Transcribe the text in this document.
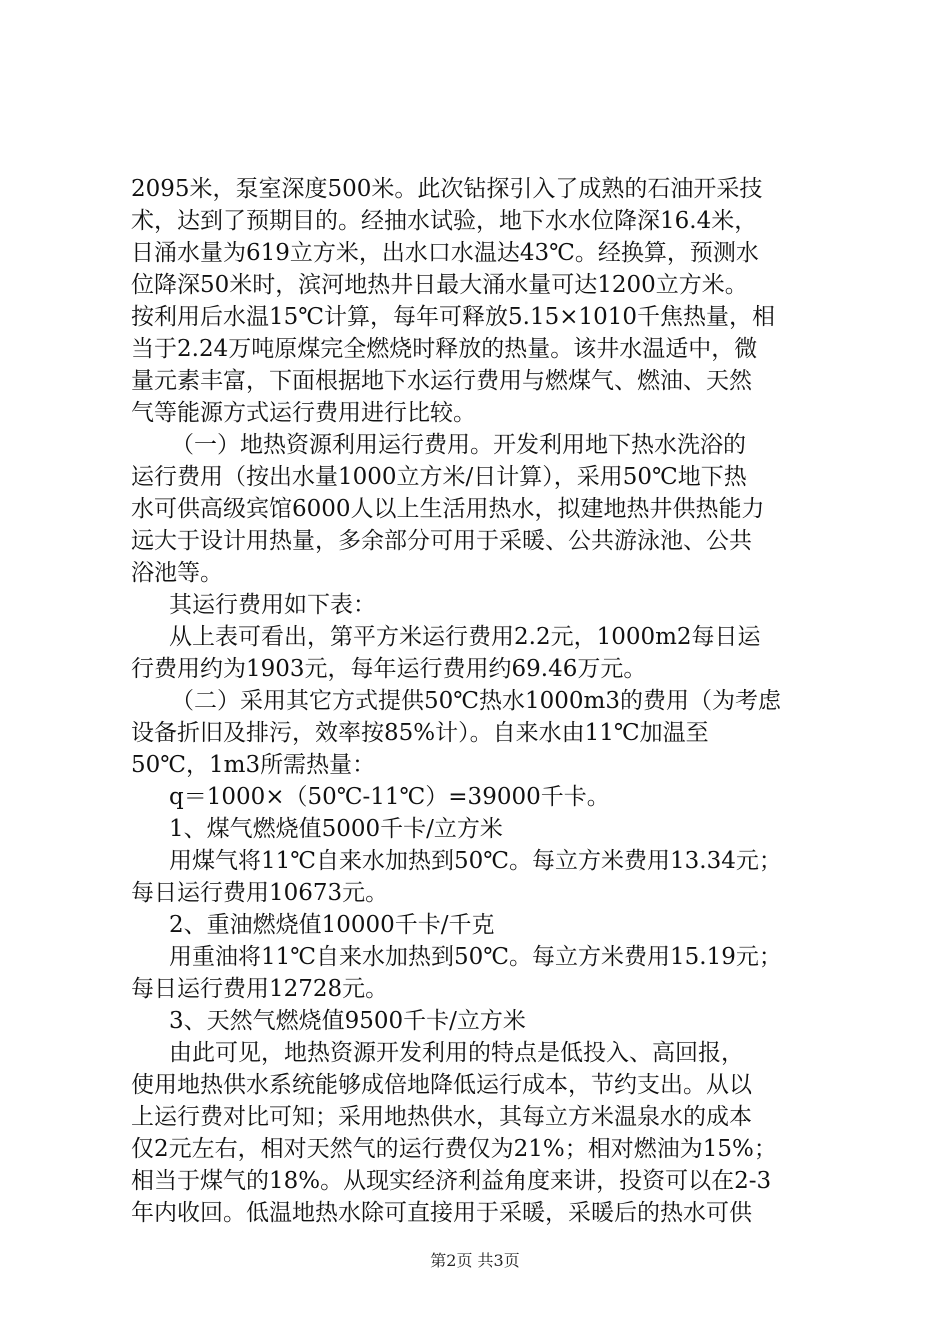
2095米，泵室深度500米。此次钻探引入了成熟的石油开采技
术，达到了预期目的。经抽水试验，地下水水位降深16.4米，
日涌水量为619立方米，出水口水温达43℃。经换算，预测水
位降深50米时，滨河地热井日最大涌水量可达1200立方米。
按利用后水温15℃计算，每年可释放5.15×1010千焦热量，相
当于2.24万吨原煤完全燃烧时释放的热量。该井水温适中，微
量元素丰富，下面根据地下水运行费用与燃煤气、燃油、天然
气等能源方式运行费用进行比较。
（一）地热资源利用运行费用。开发利用地下热水洗浴的
运行费用（按出水量1000立方米/日计算），采用50℃地下热
水可供高级宾馆6000人以上生活用热水，拟建地热井供热能力
远大于设计用热量，多余部分可用于采暖、公共游泳池、公共
浴池等。
其运行费用如下表：
从上表可看出，第平方米运行费用2.2元，1000m2每日运
行费用约为1903元，每年运行费用约69.46万元。
（二）采用其它方式提供50℃热水1000m3的费用（为考虑
设备折旧及排污，效率按85%计）。自来水由11℃加温至
50℃，1m3所需热量：
q＝1000×（50℃-11℃）=39000千卡。
1、煤气燃烧值5000千卡/立方米
用煤气将11℃自来水加热到50℃。每立方米费用13.34元；
每日运行费用10673元。
2、重油燃烧值10000千卡/千克
用重油将11℃自来水加热到50℃。每立方米费用15.19元；
每日运行费用12728元。
3、天然气燃烧值9500千卡/立方米
由此可见，地热资源开发利用的特点是低投入、高回报，
使用地热供水系统能够成倍地降低运行成本，节约支出。从以
上运行费对比可知；采用地热供水，其每立方米温泉水的成本
仅2元左右，相对天然气的运行费仅为21%；相对燃油为15%；
相当于煤气的18%。从现实经济利益角度来讲，投资可以在2-3
年内收回。低温地热水除可直接用于采暖，采暖后的热水可供
第2页 共3页
